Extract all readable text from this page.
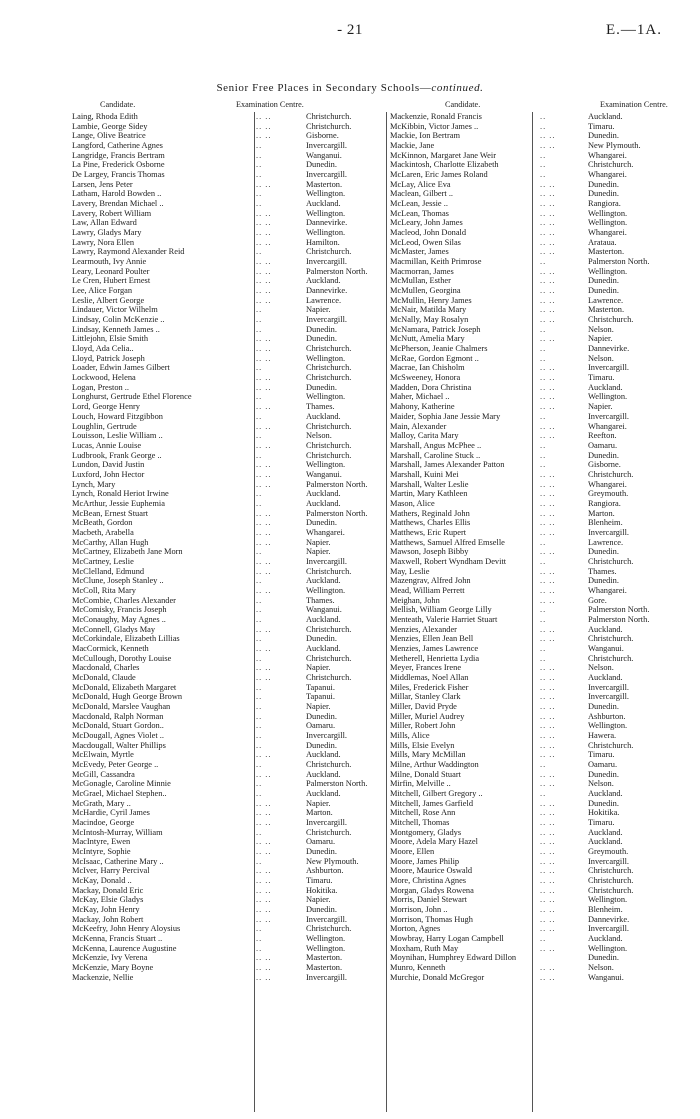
- 21	E.—1A.
Senior Free Places in Secondary Schools—continued.
Candidate.	Examination Centre.	Candidate.	Examination Centre.
Laing, Rhoda Edith	.. ..	Christchurch.
Lambie, George Sidey	.. ..	Christchurch.
Lange, Olive Beatrice	.. ..	Gisborne.
Langford, Catherine Agnes	..	Invercargill.
Langridge, Francis Bertram	..	Wanganui.
La Pine, Frederick Osborne	..	Dunedin.
De Largey, Francis Thomas	..	Invercargill.
Larsen, Jens Peter	.. ..	Masterton.
Latham, Harold Bowden ..	..	Wellington.
Lavery, Brendan Michael ..	..	Auckland.
Lavery, Robert William	.. ..	Wellington.
Law, Allan Edward	.. ..	Dannevirke.
Lawry, Gladys Mary	.. ..	Wellington.
Lawry, Nora Ellen	.. ..	Hamilton.
Lawry, Raymond Alexander Reid	..	Christchurch.
Learmouth, Ivy Annie	.. ..	Invercargill.
Leary, Leonard Poulter	.. ..	Palmerston North.
Le Cren, Hubert Ernest	.. ..	Auckland.
Lee, Alice Forgan	.. ..	Dannevirke.
Leslie, Albert George	.. ..	Lawrence.
Lindauer, Victor Wilhelm	..	Napier.
Lindsay, Colin McKenzie ..	..	Invercargill.
Lindsay, Kenneth James ..	..	Dunedin.
Littlejohn, Elsie Smith	.. ..	Dunedin.
Lloyd, Ada Celia..	.. ..	Christchurch.
Lloyd, Patrick Joseph	.. ..	Wellington.
Loader, Edwin James Gilbert	..	Christchurch.
Lockwood, Helena	.. ..	Christchurch.
Logan, Preston ..	.. ..	Dunedin.
Longhurst, Gertrude Ethel Florence	..	Wellington.
Lord, George Henry	.. ..	Thames.
Louch, Howard Fitzgibbon	..	Auckland.
Loughlin, Gertrude	.. ..	Christchurch.
Louisson, Leslie William ..	..	Nelson.
Lucas, Annie Louise	.. ..	Christchurch.
Ludbrook, Frank George ..	..	Christchurch.
Lundon, David Justin	.. ..	Wellington.
Luxford, John Hector	.. ..	Wanganui.
Lynch, Mary	.. ..	Palmerston North.
Lynch, Ronald Heriot Irwine	..	Auckland.
McArthur, Jessie Euphemia	..	Auckland.
McBean, Ernest Stuart	.. ..	Palmerston North.
McBeath, Gordon	.. ..	Dunedin.
Macbeth, Arabella	.. ..	Whangarei.
McCarthy, Allan Hugh	.. ..	Napier.
McCartney, Elizabeth Jane Morn	..	Napier.
McCartney, Leslie	.. ..	Invercargill.
McClelland, Edmund	.. ..	Christchurch.
McClune, Joseph Stanley ..	..	Auckland.
McColl, Rita Mary	.. ..	Wellington.
McCombie, Charles Alexander	..	Thames.
McComisky, Francis Joseph	..	Wanganui.
McConaughy, May Agnes ..	..	Auckland.
McConnell, Gladys May	.. ..	Christchurch.
McCorkindale, Elizabeth Lillias	..	Dunedin.
MacCormick, Kenneth	.. ..	Auckland.
McCullough, Dorothy Louise	..	Christchurch.
Macdonald, Charles	.. ..	Napier.
McDonald, Claude	.. ..	Christchurch.
McDonald, Elizabeth Margaret	..	Tapanui.
McDonald, Hugh George Brown	..	Tapanui.
McDonald, Marslee Vaughan	..	Napier.
Macdonald, Ralph Norman	..	Dunedin.
McDonald, Stuart Gordon..	..	Oamaru.
McDougall, Agnes Violet ..	..	Invercargill.
Macdougall, Walter Phillips	..	Dunedin.
McElwain, Myrtle	.. ..	Auckland.
McEvedy, Peter George ..	..	Christchurch.
McGill, Cassandra	.. ..	Auckland.
McGonagle, Caroline Minnie	..	Palmerston North.
McGrael, Michael Stephen..	..	Auckland.
McGrath, Mary ..	.. ..	Napier.
McHardie, Cyril James	.. ..	Marton.
Macindoe, George	.. ..	Invercargill.
McIntosh-Murray, William	..	Christchurch.
MacIntyre, Ewen	.. ..	Oamaru.
McIntyre, Sophie	.. ..	Dunedin.
McIsaac, Catherine Mary ..	..	New Plymouth.
McIver, Harry Percival	.. ..	Ashburton.
McKay, Donald ..	.. ..	Timaru.
Mackay, Donald Eric	.. ..	Hokitika.
McKay, Elsie Gladys	.. ..	Napier.
McKay, John Henry	.. ..	Dunedin.
Mackay, John Robert	.. ..	Invercargill.
McKeefry, John Henry Aloysius	..	Christchurch.
McKenna, Francis Stuart ..	..	Wellington.
McKenna, Laurence Augustine	..	Wellington.
McKenzie, Ivy Verena	.. ..	Masterton.
McKenzie, Mary Boyne	.. ..	Masterton.
Mackenzie, Nellie	.. ..	Invercargill.
Mackenzie, Ronald Francis	..	Auckland.
McKibbin, Victor James ..	..	Timaru.
Mackie, Ion Bertram	.. ..	Dunedin.
Mackie, Jane	.. ..	New Plymouth.
McKinnon, Margaret Jane Weir	..	Whangarei.
Mackintosh, Charlotte Elizabeth	..	Christchurch.
McLaren, Eric James Roland	..	Whangarei.
McLay, Alice Eva	.. ..	Dunedin.
Maclean, Gilbert ..	.. ..	Dunedin.
McLean, Jessie ..	.. ..	Rangiora.
McLean, Thomas	.. ..	Wellington.
McLeary, John James	.. ..	Wellington.
Macleod, John Donald	.. ..	Whangarei.
McLeod, Owen Silas	.. ..	Arataua.
McMaster, James	.. ..	Masterton.
Macmillan, Keith Primrose	..	Palmerston North.
Macmorran, James	.. ..	Wellington.
McMullan, Esther	.. ..	Dunedin.
McMullen, Georgina	.. ..	Dunedin.
McMullin, Henry James	.. ..	Lawrence.
McNair, Matilda Mary	.. ..	Masterton.
McNally, May Rosalyn	.. ..	Christchurch.
McNamara, Patrick Joseph	..	Nelson.
McNutt, Amelia Mary	.. ..	Napier.
McPherson, Jeanie Chalmers	..	Dannevirke.
McRae, Gordon Egmont ..	..	Nelson.
Macrae, Ian Chisholm	.. ..	Invercargill.
McSweeney, Honora	.. ..	Timaru.
Madden, Dora Christina	.. ..	Auckland.
Maher, Michael ..	.. ..	Wellington.
Mahony, Katherine	.. ..	Napier.
Maider, Sophia Jane Jessie Mary	..	Invercargill.
Main, Alexander	.. ..	Whangarei.
Malloy, Carita Mary	.. ..	Reefton.
Marshall, Angus McPhee ..	..	Oamaru.
Marshall, Caroline Stuck ..	..	Dunedin.
Marshall, James Alexander Patton	..	Gisborne.
Marshall, Kuini Mei	.. ..	Christchurch.
Marshall, Walter Leslie	.. ..	Whangarei.
Martin, Mary Kathleen	.. ..	Greymouth.
Mason, Alice	.. ..	Rangiora.
Mathers, Reginald John	.. ..	Marton.
Matthews, Charles Ellis	.. ..	Blenheim.
Matthews, Eric Rupert	.. ..	Invercargill.
Matthews, Samuel Alfred Emselle	..	Lawrence.
Mawson, Joseph Bibby	.. ..	Dunedin.
Maxwell, Robert Wyndham Devitt	..	Christchurch.
May, Leslie	.. ..	Thames.
Mazengrav, Alfred John	.. ..	Dunedin.
Mead, William Perrett	.. ..	Whangarei.
Meighan, John	.. ..	Gore.
Mellish, William George Lilly	..	Palmerston North.
Menteath, Valerie Harriet Stuart	..	Palmerston North.
Menzies, Alexander	.. ..	Auckland.
Menzies, Ellen Jean Bell	.. ..	Christchurch.
Menzies, James Lawrence	..	Wanganui.
Metherell, Henrietta Lydia	..	Christchurch.
Meyer, Frances Irene	.. ..	Nelson.
Middlemas, Noel Allan	.. ..	Auckland.
Miles, Frederick Fisher	.. ..	Invercargill.
Millar, Stanley Clark	.. ..	Invercargill.
Miller, David Pryde	.. ..	Dunedin.
Miller, Muriel Audrey	.. ..	Ashburton.
Miller, Robert John	.. ..	Wellington.
Mills, Alice	.. ..	Hawera.
Mills, Elsie Evelyn	.. ..	Christchurch.
Mills, Mary McMillan	.. ..	Timaru.
Milne, Arthur Waddington	..	Oamaru.
Milne, Donald Stuart	.. ..	Dunedin.
Mirfin, Melville ..	.. ..	Nelson.
Mitchell, Gilbert Gregory ..	..	Auckland.
Mitchell, James Garfield	.. ..	Dunedin.
Mitchell, Rose Ann	.. ..	Hokitika.
Mitchell, Thomas	.. ..	Timaru.
Montgomery, Gladys	.. ..	Auckland.
Moore, Adela Mary Hazel	.. ..	Auckland.
Moore, Ellen	.. ..	Greymouth.
Moore, James Philip	.. ..	Invercargill.
Moore, Maurice Oswald	.. ..	Christchurch.
More, Christina Agnes	.. ..	Christchurch.
Morgan, Gladys Rowena	.. ..	Christchurch.
Morris, Daniel Stewart	.. ..	Wellington.
Morrison, John ..	.. ..	Blenheim.
Morrison, Thomas Hugh	.. ..	Dannevirke.
Morton, Agnes	.. ..	Invercargill.
Mowbray, Harry Logan Campbell	..	Auckland.
Moxham, Ruth May	.. ..	Wellington.
Moynihan, Humphrey Edward Dillon	Dunedin.
Munro, Kenneth	.. ..	Nelson.
Murchie, Donald McGregor	.. ..	Wanganui.
